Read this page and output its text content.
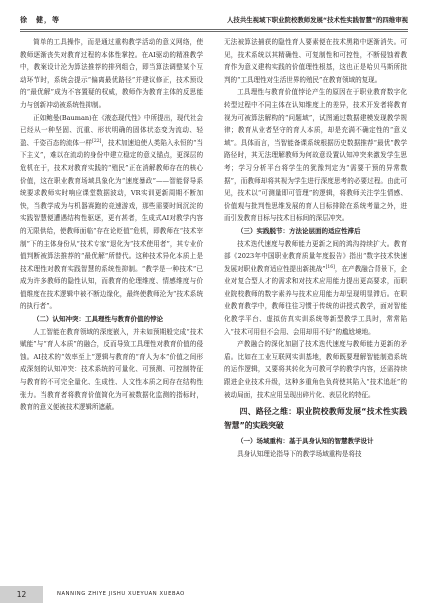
徐　健，等	人技共生视域下职业院校教师发展“技术性实践智慧”的四维审视

简单的工具操作，而是通过重构教学活动的意义网络，使教师逐渐丧失对教育过程的本体性掌控。在AI驱动的精准教学中，教案设计沦为算法推荐的排列组合，即当算法调整某个互动环节时，系统会提示“偏离最优路径”并建议修正，技术预设的“最优解”成为不容置疑的权威，教师作为教育主体的反思能力与创新冲动被系统性抑制。

正如鲍曼(Bauman)在《液态现代性》中所提出，现代社会已经从一种坚固、沉重、形状明确的固体状态变为流动、轻盈、千姿百态的流体一样[22]，技术加速迫使人类陷入永恒的“当下主义”，难以在流动的身份中建立稳定的意义锚点，更深层的危机在于，技术对教育实践的“殖民”正在消解教师存在的核心价值，这在职业教育场域具象化为“速度暴政”——智能督导系统要求教师实时响应课堂数据波动，VR实训更新周期不断加快，当教学成为与机器赛跑的竞速游戏，那些需要时间沉淀的实践智慧便遭遇结构性驱逐，更有甚者，生成式AI对教学内容的无限供给，使教师面临“存在论贬值”危机，即教师在“技术宰制”下的主体身份从“技术专家”退化为“技术使用者”，其专业价值判断被算法推荐的“最优解”所替代。这种技术异化本质上是技术理性对教育实践智慧的系统性抑制。“教学是一种技术”已成为许多教师的隐性认知，而教育的伦理维度、情感维度与价值维度在技术逻辑中被不断边缘化，最终使教师沦为“技术系统的执行者”。

（二）认知冲突：工具理性与教育价值的悖论

人工智能在教育领域的深度嵌入，并未如预期般完成“技术赋能”与“育人本质”的融合，反而导致工具理性对教育价值的侵蚀。AI技术的“效率至上”逻辑与教育的“育人为本”价值之间形成深刻的认知冲突：技术系统的可量化、可预测、可控制特征与教育的不可完全量化、生成性、人文性本质之间存在结构性张力。当教育者将教育价值简化为可被数据化监测的指标时，教育的意义便被技术逻辑所遮蔽。

无法被算法捕获的隐性育人要素便在技术黑箱中逐渐消失。可见，技术系统以其精确性、可复制性和可控性，不断侵蚀着教育作为意义建构实践的价值理性根基，这也正是哈贝马斯所批判的“工具理性对生活世界的殖民”在教育领域的复现。

工具理性与教育价值悖论产生的原因在于职业教育数字化转型过程中不同主体在认知维度上的差异，技术开发者将教育视为可被算法解构的“问题域”，试图通过数据建模发现教学规律；教育从业者坚守的育人本质，却是充满不确定性的“意义域”。具体而言，当智能备课系统根据历史数据推荐“最优”教学路径时，其无法理解教师为何故意设置认知冲突来激发学生思考；学习分析平台将学生的犹豫判定为“需要干预的异常数据”，而教师却将其视为学生进行深度思考的必要过程。由此可见，技术以“可测量即可管理”的逻辑，将教师关注学生情感、价值观与批判性思维发展的育人目标排除在系统考量之外，进而引发教育目标与技术目标间的深层冲突。

（三）实践脱节：方法论层面的适应性滞后

技术迭代速度与教师能力更新之间的鸿沟持续扩大。教育部《2023年中国职业教育质量年度报告》指出“数字技术快速发展对职业教育适应性提出新挑战”[16]，在产教融合背景下，企业对复合型人才的需求和对技术应用能力提出更高要求，而职业院校教师的数字素养与技术应用能力却呈现明显滞后。在职业教育教学中，教师往往习惯于传统的讲授式教学，面对智能化教学平台、虚拟仿真实训系统等新型教学工具时，常常陷入“技术可用但不会用、会用却用不好”的尴尬境地。

产教融合的深化加剧了技术迭代速度与教师能力更新的矛盾。比如在工业互联网实训基地，教师既要理解智能制造系统的运作逻辑，又要将其转化为可教可学的教学内容，还需持续跟进企业技术升级，这种多重角色负荷使其陷入“技术追赶”的被动局面，技术应用呈现出碎片化、表层化的特征。

四、路径之维：职业院校教师发展“技术性实践智慧”的实践突破

（一）场域重构：基于具身认知的智慧教学设计

具身认知理论指导下的教学场域重构是将技

12	NANNING ZHIYE JISHU XUEYUAN XUEBAO
